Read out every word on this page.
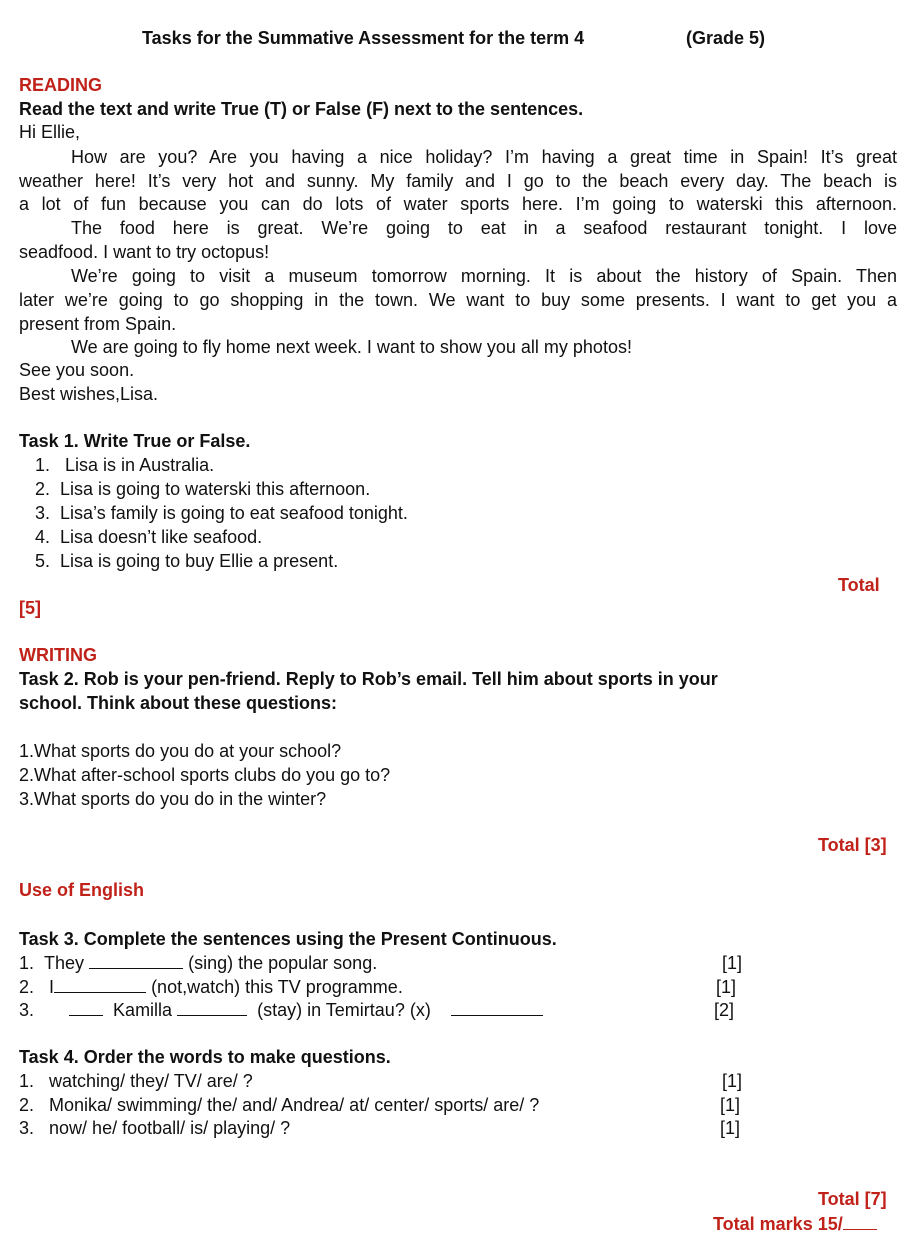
Tasks for the Summative Assessment for the term 4	(Grade 5)
READING
Read the text and write True (T) or False (F) next to the sentences.
Hi Ellie,
How are you? Are you having a nice holiday? I’m having a great time in Spain! It’s great
weather here! It’s very hot and sunny. My family and I go to the beach every day. The beach is
a lot of fun because you can do lots of water sports here. I’m going to waterski this afternoon.
The food here is great. We’re going to eat in a seafood restaurant tonight. I love
seadfood. I want to try octopus!
We’re going to visit a museum tomorrow morning. It is about the history of Spain. Then
later we’re going to go shopping in the town. We want to buy some presents. I want to get you a
present from Spain.
We are going to fly home next week. I want to show you all my photos!
See you soon.
Best wishes,Lisa.
Task 1. Write True or False.
1. Lisa is in Australia.
2. Lisa is going to waterski this afternoon.
3. Lisa’s family is going to eat seafood tonight.
4. Lisa doesn’t like seafood.
5. Lisa is going to buy Ellie a present.
Total
[5]
WRITING
Task 2. Rob is your pen-friend. Reply to Rob’s email. Tell him about sports in your
school. Think about these questions:
1.What sports do you do at your school?
2.What after-school sports clubs do you go to?
3.What sports do you do in the winter?
Total [3]
Use of English
Task 3. Complete the sentences using the Present Continuous.
1. They	(sing) the popular song.	[1]
2. I	(not,watch) this TV programme.	[1]
3.	Kamilla	(stay) in Temirtau? (x)	[2]
Task 4. Order the words to make questions.
1. watching/ they/ TV/ are/ ?	[1]
2. Monika/ swimming/ the/ and/ Andrea/ at/ center/ sports/ are/ ?	[1]
3. now/ he/ football/ is/ playing/ ?	[1]
Total [7]
Total marks 15/
